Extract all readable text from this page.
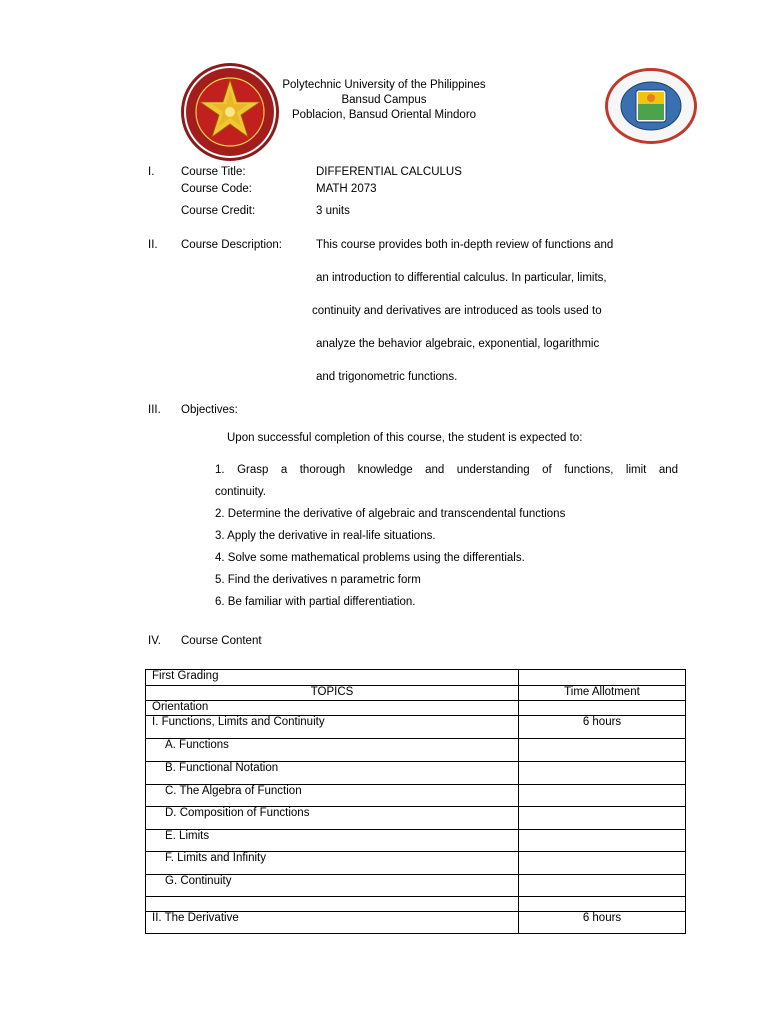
Polytechnic University of the Philippines
Bansud Campus
Poblacion, Bansud Oriental Mindoro
I. Course Title:	DIFFERENTIAL CALCULUS
Course Code:	MATH 2073
Course Credit:	3 units
II. Course Description:	This course provides both in-depth review of functions and
an introduction to differential calculus. In particular, limits,
continuity and derivatives are introduced as tools used to
analyze the behavior algebraic, exponential, logarithmic
and trigonometric functions.
III. Objectives:
Upon successful completion of this course, the student is expected to:
1. Grasp a thorough knowledge and understanding of functions, limit and
continuity.
2. Determine the derivative of algebraic and transcendental functions
3. Apply the derivative in real-life situations.
4. Solve some mathematical problems using the differentials.
5. Find the derivatives n parametric form
6. Be familiar with partial differentiation.
IV. Course Content
First Grading	
TOPICS	Time Allotment
Orientation	
I. Functions, Limits and Continuity	6 hours
A. Functions	
B. Functional Notation	
C. The Algebra of Function	
D. Composition of Functions	
E. Limits	
F. Limits and Infinity	
G. Continuity	

II. The Derivative	6 hours
